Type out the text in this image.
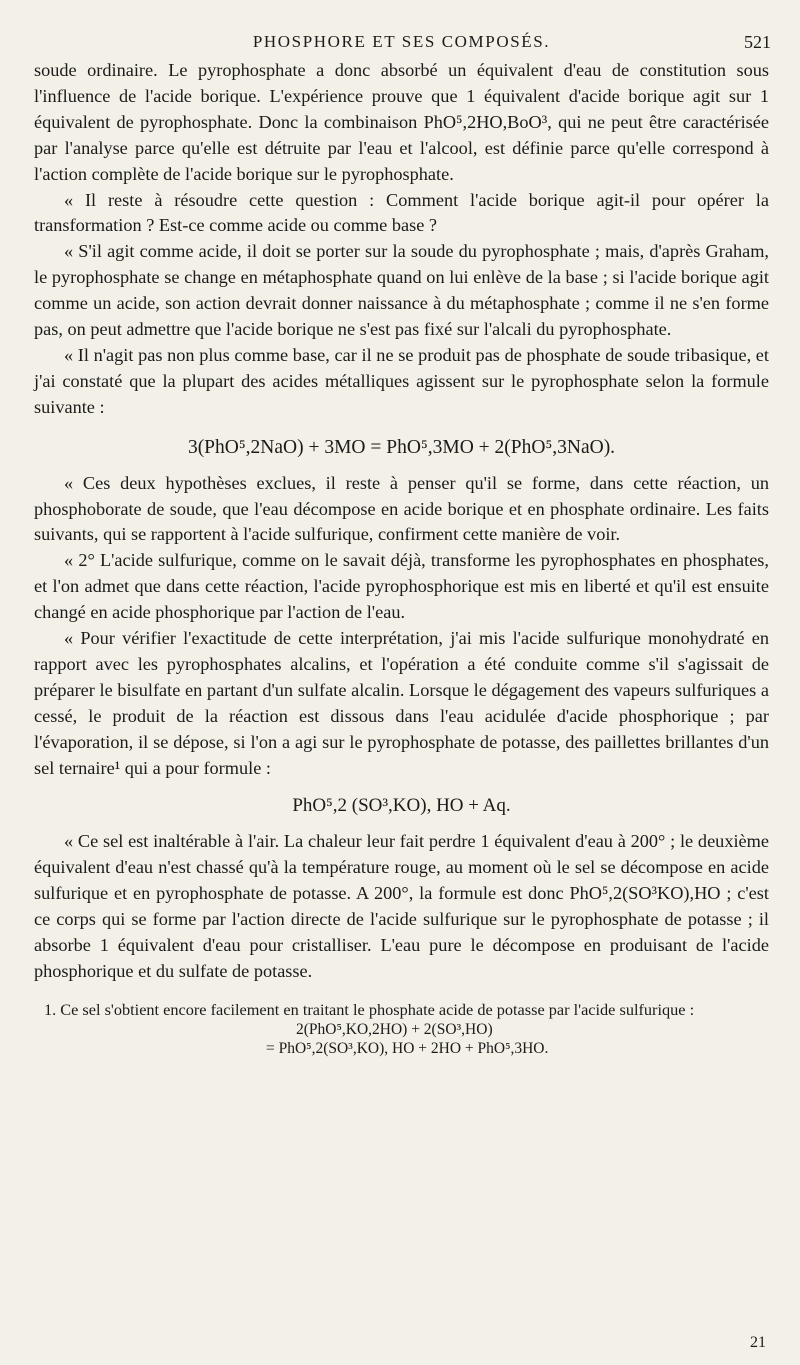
PHOSPHORE ET SES COMPOSÉS.	521

soude ordinaire. Le pyrophosphate a donc absorbé un équivalent d'eau de constitution sous l'influence de l'acide borique. L'expérience prouve que 1 équivalent d'acide borique agit sur 1 équivalent de pyrophosphate. Donc la combinaison PhO⁵,2HO,BoO³, qui ne peut être caractérisée par l'analyse parce qu'elle est détruite par l'eau et l'alcool, est définie parce qu'elle correspond à l'action complète de l'acide borique sur le pyrophosphate.

« Il reste à résoudre cette question : Comment l'acide borique agit-il pour opérer la transformation ? Est-ce comme acide ou comme base ?

« S'il agit comme acide, il doit se porter sur la soude du pyrophosphate ; mais, d'après Graham, le pyrophosphate se change en métaphosphate quand on lui enlève de la base ; si l'acide borique agit comme un acide, son action devrait donner naissance à du métaphosphate ; comme il ne s'en forme pas, on peut admettre que l'acide borique ne s'est pas fixé sur l'alcali du pyrophosphate.

« Il n'agit pas non plus comme base, car il ne se produit pas de phosphate de soude tribasique, et j'ai constaté que la plupart des acides métalliques agissent sur le pyrophosphate selon la formule suivante :

3(PhO⁵,2NaO) + 3MO = PhO⁵,3MO + 2(PhO⁵,3NaO).

« Ces deux hypothèses exclues, il reste à penser qu'il se forme, dans cette réaction, un phosphoborate de soude, que l'eau décompose en acide borique et en phosphate ordinaire. Les faits suivants, qui se rapportent à l'acide sulfurique, confirment cette manière de voir.

« 2° L'acide sulfurique, comme on le savait déjà, transforme les pyrophosphates en phosphates, et l'on admet que dans cette réaction, l'acide pyrophosphorique est mis en liberté et qu'il est ensuite changé en acide phosphorique par l'action de l'eau.

« Pour vérifier l'exactitude de cette interprétation, j'ai mis l'acide sulfurique monohydraté en rapport avec les pyrophosphates alcalins, et l'opération a été conduite comme s'il s'agissait de préparer le bisulfate en partant d'un sulfate alcalin. Lorsque le dégagement des vapeurs sulfuriques a cessé, le produit de la réaction est dissous dans l'eau acidulée d'acide phosphorique ; par l'évaporation, il se dépose, si l'on a agi sur le pyrophosphate de potasse, des paillettes brillantes d'un sel ternaire¹ qui a pour formule :

PhO⁵,2 (SO³,KO), HO + Aq.

« Ce sel est inaltérable à l'air. La chaleur leur fait perdre 1 équivalent d'eau à 200° ; le deuxième équivalent d'eau n'est chassé qu'à la température rouge, au moment où le sel se décompose en acide sulfurique et en pyrophosphate de potasse. A 200°, la formule est donc PhO⁵,2(SO³KO),HO ; c'est ce corps qui se forme par l'action directe de l'acide sulfurique sur le pyrophosphate de potasse ; il absorbe 1 équivalent d'eau pour cristalliser. L'eau pure le décompose en produisant de l'acide phosphorique et du sulfate de potasse.

1. Ce sel s'obtient encore facilement en traitant le phosphate acide de potasse par l'acide sulfurique :
2(PhO⁵,KO,2HO) + 2(SO³,HO)
= PhO⁵,2(SO³,KO), HO + 2HO + PhO⁵,3HO.
21
